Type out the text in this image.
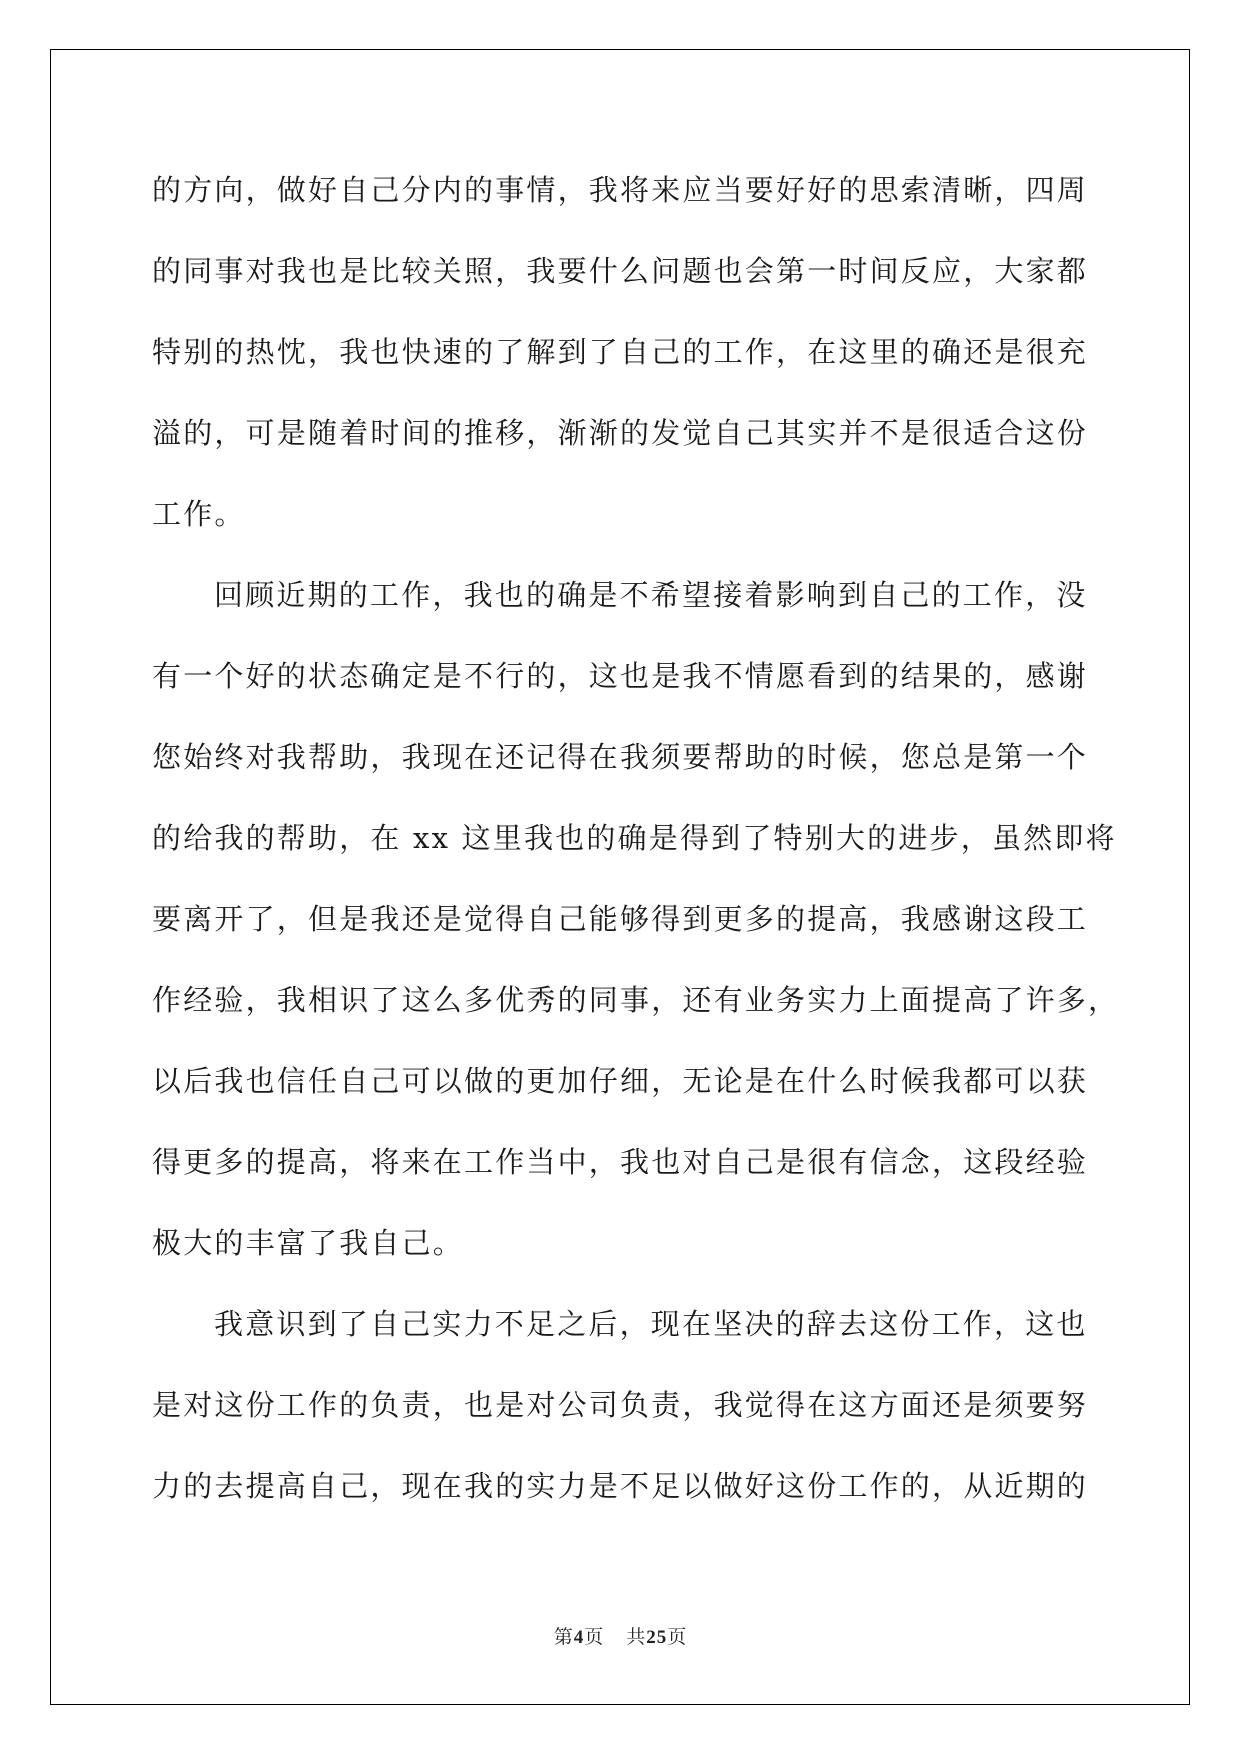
的方向，做好自己分内的事情，我将来应当要好好的思索清晰，四周
的同事对我也是比较关照，我要什么问题也会第一时间反应，大家都
特别的热忱，我也快速的了解到了自己的工作，在这里的确还是很充
溢的，可是随着时间的推移，渐渐的发觉自己其实并不是很适合这份
工作。
回顾近期的工作，我也的确是不希望接着影响到自己的工作，没
有一个好的状态确定是不行的，这也是我不情愿看到的结果的，感谢
您始终对我帮助，我现在还记得在我须要帮助的时候，您总是第一个
的给我的帮助，在 xx 这里我也的确是得到了特别大的进步，虽然即将
要离开了，但是我还是觉得自己能够得到更多的提高，我感谢这段工
作经验，我相识了这么多优秀的同事，还有业务实力上面提高了许多，
以后我也信任自己可以做的更加仔细，无论是在什么时候我都可以获
得更多的提高，将来在工作当中，我也对自己是很有信念，这段经验
极大的丰富了我自己。
我意识到了自己实力不足之后，现在坚决的辞去这份工作，这也
是对这份工作的负责，也是对公司负责，我觉得在这方面还是须要努
力的去提高自己，现在我的实力是不足以做好这份工作的，从近期的
第4页 共25页
